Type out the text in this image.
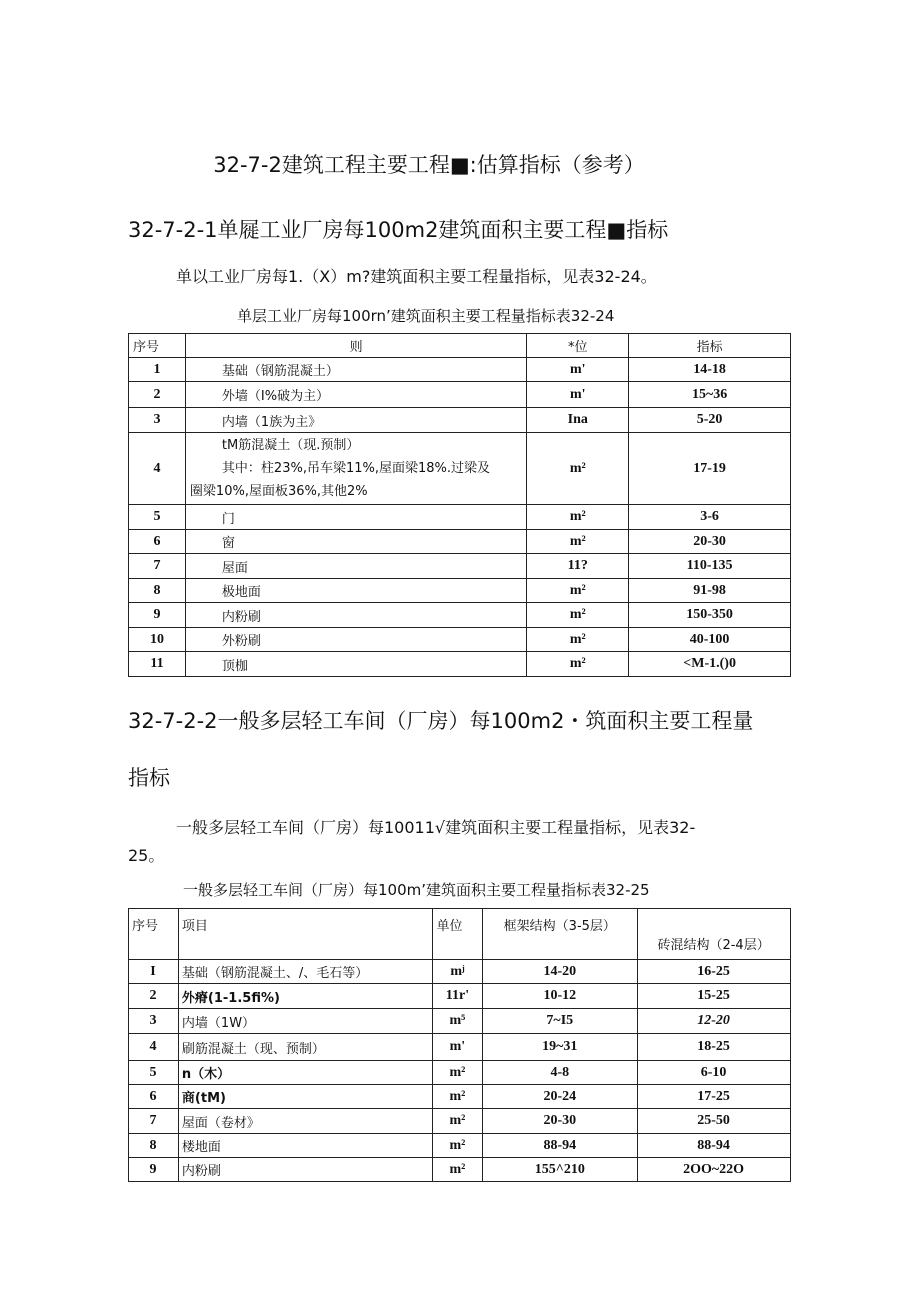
32-7-2建筑工程主要工程■:估算指标（参考）
32-7-2-1单屣工业厂房每100m2建筑面积主要工程■指标
单以工业厂房每1.（X）m?建筑面积主要工程量指标，见表32-24。
单层工业厂房每100rn’建筑面积主要工程量指标表32-24
序号	则	*位	指标
1	基础（钢筋混凝土）	m'	14-18
2	外墙（I%破为主）	m'	15~36
3	内墙（1族为主》	Ina	5-20
4	tM筋混凝土（现.预制）
其中：柱23%,吊车梁11%,屋面梁18%.过梁及
圈梁10%,屋面板36%,其他2%	m²	17-19
5	门	m²	3-6
6	窗	m²	20-30
7	屋面	11?	110-135
8	极地面	m²	91-98
9	内粉刷	m²	150-350
10	外粉刷	m²	40-100
11	顶枷	m²	<M-1.()0
32-7-2-2一般多层轻工车间（厂房）每100m2・筑面积主要工程量
指标
一般多层轻工车间（厂房）每10011√建筑面积主要工程量指标，见表32-
25。
一般多层轻工车间（厂房）每100m’建筑面积主要工程量指标表32-25
序号	项目	单位	框架结构（3-5层）	砖混结构（2-4层）
I	基础（钢筋混凝土、/、毛石等）	mʲ	14-20	16-25
2	外瘠(1-1.5fi%)	11r'	10-12	15-25
3	内墙（1W）	m⁵	7~I5	12-20
4	刷筋混凝土（现、预制）	m'	19~31	18-25
5	n（木）	m²	4-8	6-10
6	商(tM)	m²	20-24	17-25
7	屋面（卷材》	m²	20-30	25-50
8	楼地面	m²	88-94	88-94
9	内粉刷	m²	155^210	2OO~22O
